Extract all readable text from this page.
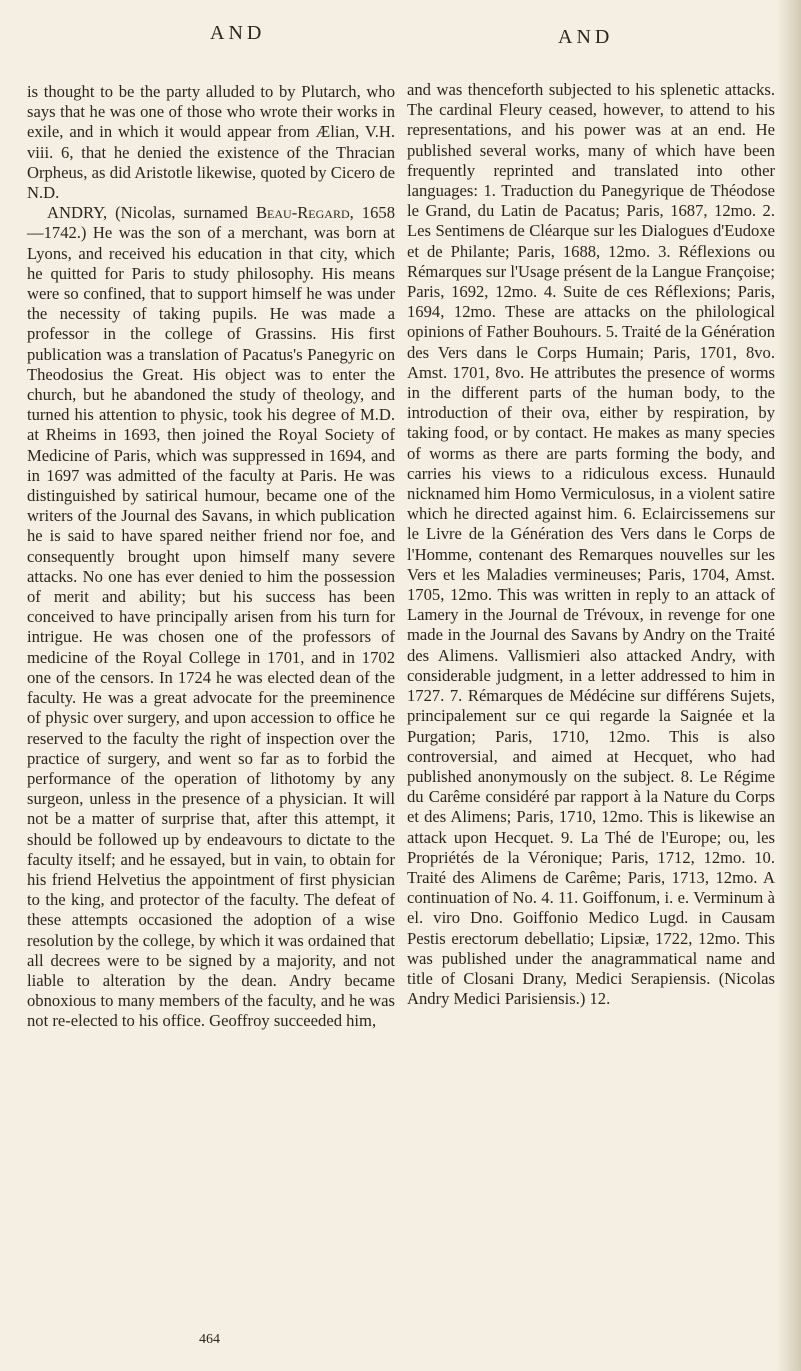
AND	AND

is thought to be the party alluded to by Plutarch, who says that he was one of those who wrote their works in exile, and in which it would appear from Ælian, V.H. viii. 6, that he denied the existence of the Thracian Orpheus, as did Aristotle likewise, quoted by Cicero de N.D.

ANDRY, (Nicolas, surnamed Beau-Regard, 1658—1742.) He was the son of a merchant, was born at Lyons, and received his education in that city, which he quitted for Paris to study philosophy. His means were so confined, that to support himself he was under the necessity of taking pupils. He was made a professor in the college of Grassins. His first publication was a translation of Pacatus's Panegyric on Theodosius the Great. His object was to enter the church, but he abandoned the study of theology, and turned his attention to physic, took his degree of M.D. at Rheims in 1693, then joined the Royal Society of Medicine of Paris, which was suppressed in 1694, and in 1697 was admitted of the faculty at Paris. He was distinguished by satirical humour, became one of the writers of the Journal des Savans, in which publication he is said to have spared neither friend nor foe, and consequently brought upon himself many severe attacks. No one has ever denied to him the possession of merit and ability; but his success has been conceived to have principally arisen from his turn for intrigue. He was chosen one of the professors of medicine of the Royal College in 1701, and in 1702 one of the censors. In 1724 he was elected dean of the faculty. He was a great advocate for the preeminence of physic over surgery, and upon accession to office he reserved to the faculty the right of inspection over the practice of surgery, and went so far as to forbid the performance of the operation of lithotomy by any surgeon, unless in the presence of a physician. It will not be a matter of surprise that, after this attempt, it should be followed up by endeavours to dictate to the faculty itself; and he essayed, but in vain, to obtain for his friend Helvetius the appointment of first physician to the king, and protector of the faculty. The defeat of these attempts occasioned the adoption of a wise resolution by the college, by which it was ordained that all decrees were to be signed by a majority, and not liable to alteration by the dean. Andry became obnoxious to many members of the faculty, and he was not re-elected to his office. Geoffroy succeeded him,

and was thenceforth subjected to his splenetic attacks. The cardinal Fleury ceased, however, to attend to his representations, and his power was at an end. He published several works, many of which have been frequently reprinted and translated into other languages: 1. Traduction du Panegyrique de Théodose le Grand, du Latin de Pacatus; Paris, 1687, 12mo. 2. Les Sentimens de Cléarque sur les Dialogues d'Eudoxe et de Philante; Paris, 1688, 12mo. 3. Réflexions ou Rémarques sur l'Usage présent de la Langue Françoise; Paris, 1692, 12mo. 4. Suite de ces Réflexions; Paris, 1694, 12mo. These are attacks on the philological opinions of Father Bouhours. 5. Traité de la Génération des Vers dans le Corps Humain; Paris, 1701, 8vo. Amst. 1701, 8vo. He attributes the presence of worms in the different parts of the human body, to the introduction of their ova, either by respiration, by taking food, or by contact. He makes as many species of worms as there are parts forming the body, and carries his views to a ridiculous excess. Hunauld nicknamed him Homo Vermiculosus, in a violent satire which he directed against him. 6. Eclaircissemens sur le Livre de la Génération des Vers dans le Corps de l'Homme, contenant des Remarques nouvelles sur les Vers et les Maladies vermineuses; Paris, 1704, Amst. 1705, 12mo. This was written in reply to an attack of Lamery in the Journal de Trévoux, in revenge for one made in the Journal des Savans by Andry on the Traité des Alimens. Vallismieri also attacked Andry, with considerable judgment, in a letter addressed to him in 1727. 7. Rémarques de Médécine sur différens Sujets, principalement sur ce qui regarde la Saignée et la Purgation; Paris, 1710, 12mo. This is also controversial, and aimed at Hecquet, who had published anonymously on the subject. 8. Le Régime du Carême considéré par rapport à la Nature du Corps et des Alimens; Paris, 1710, 12mo. This is likewise an attack upon Hecquet. 9. La Thé de l'Europe; ou, les Propriétés de la Véronique; Paris, 1712, 12mo. 10. Traité des Alimens de Carême; Paris, 1713, 12mo. A continuation of No. 4. 11. Goiffonum, i. e. Verminum à el. viro Dno. Goiffonio Medico Lugd. in Causam Pestis erectorum debellatio; Lipsiæ, 1722, 12mo. This was published under the anagrammatical name and title of Closani Drany, Medici Serapiensis. (Nicolas Andry Medici Parisiensis.) 12.

464
